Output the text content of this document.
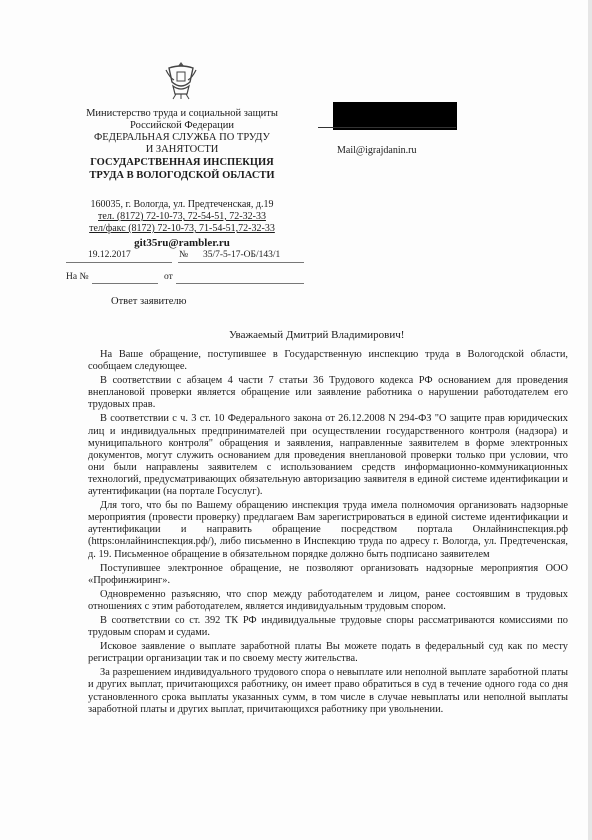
Министерство труда и социальной защиты
Российской Федерации
ФЕДЕРАЛЬНАЯ СЛУЖБА ПО ТРУДУ
И ЗАНЯТОСТИ
ГОСУДАРСТВЕННАЯ ИНСПЕКЦИЯ
ТРУДА В ВОЛОГОДСКОЙ ОБЛАСТИ
160035, г. Вологда, ул. Предтеченская, д.19
тел. (8172) 72-10-73, 72-54-51, 72-32-33
тел/факс (8172) 72-10-73, 71-54-51,72-32-33
git35ru@rambler.ru
Mail@igrajdanin.ru
19.12.2017	№ 35/7-5-17-ОБ/143/1
На №	от
Ответ заявителю
Уважаемый Дмитрий Владимирович!

На Ваше обращение, поступившее в Государственную инспекцию труда в Вологодской области, сообщаем следующее.

В соответствии с абзацем 4 части 7 статьи 36 Трудового кодекса РФ основанием для проведения внеплановой проверки является обращение или заявление работника о нарушении работодателем его трудовых прав.

В соответствии с ч. 3 ст. 10 Федерального закона от 26.12.2008 N 294-ФЗ "О защите прав юридических лиц и индивидуальных предпринимателей при осуществлении государственного контроля (надзора) и муниципального контроля" обращения и заявления, направленные заявителем в форме электронных документов, могут служить основанием для проведения внеплановой проверки только при условии, что они были направлены заявителем с использованием средств информационно-коммуникационных технологий, предусматривающих обязательную авторизацию заявителя в единой системе идентификации и аутентификации (на портале Госуслуг).

Для того, что бы по Вашему обращению инспекция труда имела полномочия организовать надзорные мероприятия (провести проверку) предлагаем Вам зарегистрироваться в единой системе идентификации и аутентификации и направить обращение посредством портала Онлайнинспекция.рф (https:онлайнинспекция.рф/), либо письменно в Инспекцию труда по адресу г. Вологда, ул. Предтеченская, д. 19. Письменное обращение в обязательном порядке должно быть подписано заявителем

Поступившее электронное обращение, не позволяют организовать надзорные мероприятия ООО «Профинжиринг».

Одновременно разъясняю, что спор между работодателем и лицом, ранее состоявшим в трудовых отношениях с этим работодателем, является индивидуальным трудовым спором.

В соответствии со ст. 392 ТК РФ индивидуальные трудовые споры рассматриваются комиссиями по трудовым спорам и судами.

Исковое заявление о выплате заработной платы Вы можете подать в федеральный суд как по месту регистрации организации так и по своему месту жительства.

За разрешением индивидуального трудового спора о невыплате или неполной выплате заработной платы и других выплат, причитающихся работнику, он имеет право обратиться в суд в течение одного года со дня установленного срока выплаты указанных сумм, в том числе в случае невыплаты или неполной выплаты заработной платы и других выплат, причитающихся работнику при увольнении.
